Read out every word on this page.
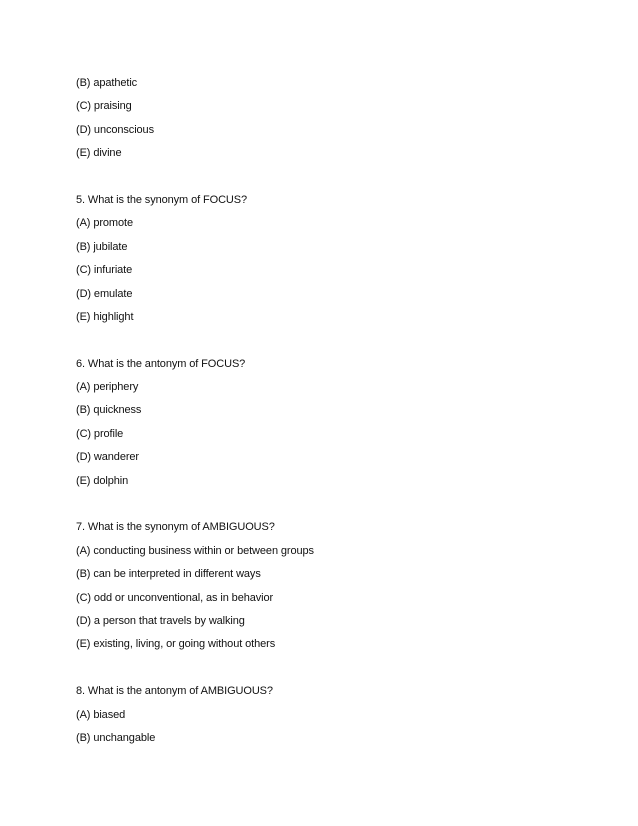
(B) apathetic
(C) praising
(D) unconscious
(E) divine
5. What is the synonym of FOCUS?
(A) promote
(B) jubilate
(C) infuriate
(D) emulate
(E) highlight
6. What is the antonym of FOCUS?
(A) periphery
(B) quickness
(C) profile
(D) wanderer
(E) dolphin
7. What is the synonym of AMBIGUOUS?
(A) conducting business within or between groups
(B) can be interpreted in different ways
(C) odd or unconventional, as in behavior
(D) a person that travels by walking
(E) existing, living, or going without others
8. What is the antonym of AMBIGUOUS?
(A) biased
(B) unchangable
